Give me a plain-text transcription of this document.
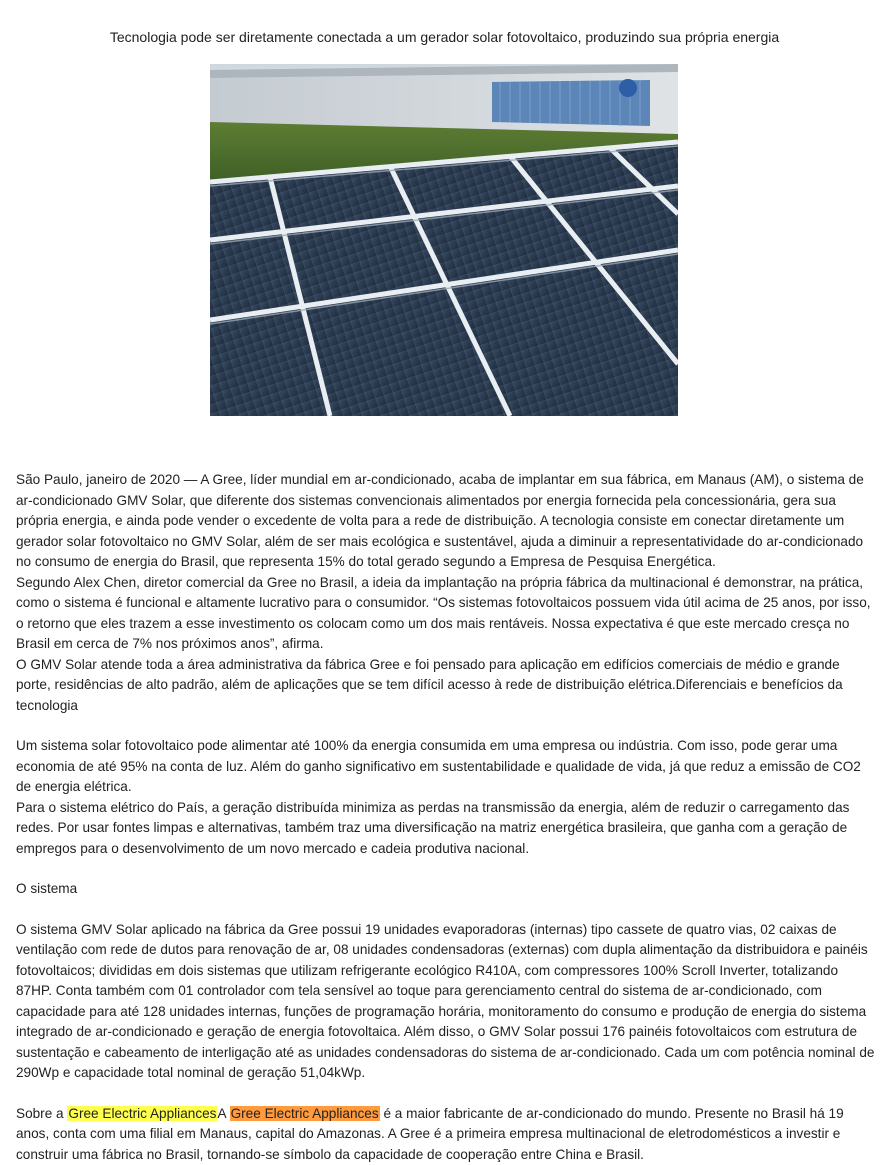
Tecnologia pode ser diretamente conectada a um gerador solar fotovoltaico, produzindo sua própria energia

São Paulo, janeiro de 2020 — A Gree, líder mundial em ar-condicionado, acaba de implantar em sua fábrica, em Manaus (AM), o sistema de ar-condicionado GMV Solar, que diferente dos sistemas convencionais alimentados por energia fornecida pela concessionária, gera sua própria energia, e ainda pode vender o excedente de volta para a rede de distribuição. A tecnologia consiste em conectar diretamente um gerador solar fotovoltaico no GMV Solar, além de ser mais ecológica e sustentável, ajuda a diminuir a representatividade do ar-condicionado no consumo de energia do Brasil, que representa 15% do total gerado segundo a Empresa de Pesquisa Energética.

Segundo Alex Chen, diretor comercial da Gree no Brasil, a ideia da implantação na própria fábrica da multinacional é demonstrar, na prática, como o sistema é funcional e altamente lucrativo para o consumidor. “Os sistemas fotovoltaicos possuem vida útil acima de 25 anos, por isso, o retorno que eles trazem a esse investimento os colocam como um dos mais rentáveis. Nossa expectativa é que este mercado cresça no Brasil em cerca de 7% nos próximos anos”, afirma.

O GMV Solar atende toda a área administrativa da fábrica Gree e foi pensado para aplicação em edifícios comerciais de médio e grande porte, residências de alto padrão, além de aplicações que se tem difícil acesso à rede de distribuição elétrica.Diferenciais e benefícios da tecnologia

Um sistema solar fotovoltaico pode alimentar até 100% da energia consumida em uma empresa ou indústria. Com isso, pode gerar uma economia de até 95% na conta de luz. Além do ganho significativo em sustentabilidade e qualidade de vida, já que reduz a emissão de CO2 de energia elétrica.

Para o sistema elétrico do País, a geração distribuída minimiza as perdas na transmissão da energia, além de reduzir o carregamento das redes. Por usar fontes limpas e alternativas, também traz uma diversificação na matriz energética brasileira, que ganha com a geração de empregos para o desenvolvimento de um novo mercado e cadeia produtiva nacional.

O sistema

O sistema GMV Solar aplicado na fábrica da Gree possui 19 unidades evaporadoras (internas) tipo cassete de quatro vias, 02 caixas de ventilação com rede de dutos para renovação de ar, 08 unidades condensadoras (externas) com dupla alimentação da distribuidora e painéis fotovoltaicos; divididas em dois sistemas que utilizam refrigerante ecológico R410A, com compressores 100% Scroll Inverter, totalizando 87HP. Conta também com 01 controlador com tela sensível ao toque para gerenciamento central do sistema de ar-condicionado, com capacidade para até 128 unidades internas, funções de programação horária, monitoramento do consumo e produção de energia do sistema integrado de ar-condicionado e geração de energia fotovoltaica. Além disso, o GMV Solar possui 176 painéis fotovoltaicos com estrutura de sustentação e cabeamento de interligação até as unidades condensadoras do sistema de ar-condicionado. Cada um com potência nominal de 290Wp e capacidade total nominal de geração 51,04kWp.

Sobre a Gree Electric AppliancesA Gree Electric Appliances é a maior fabricante de ar-condicionado do mundo. Presente no Brasil há 19 anos, conta com uma filial em Manaus, capital do Amazonas. A Gree é a primeira empresa multinacional de eletrodomésticos a investir e construir uma fábrica no Brasil, tornando-se símbolo da capacidade de cooperação entre China e Brasil.
